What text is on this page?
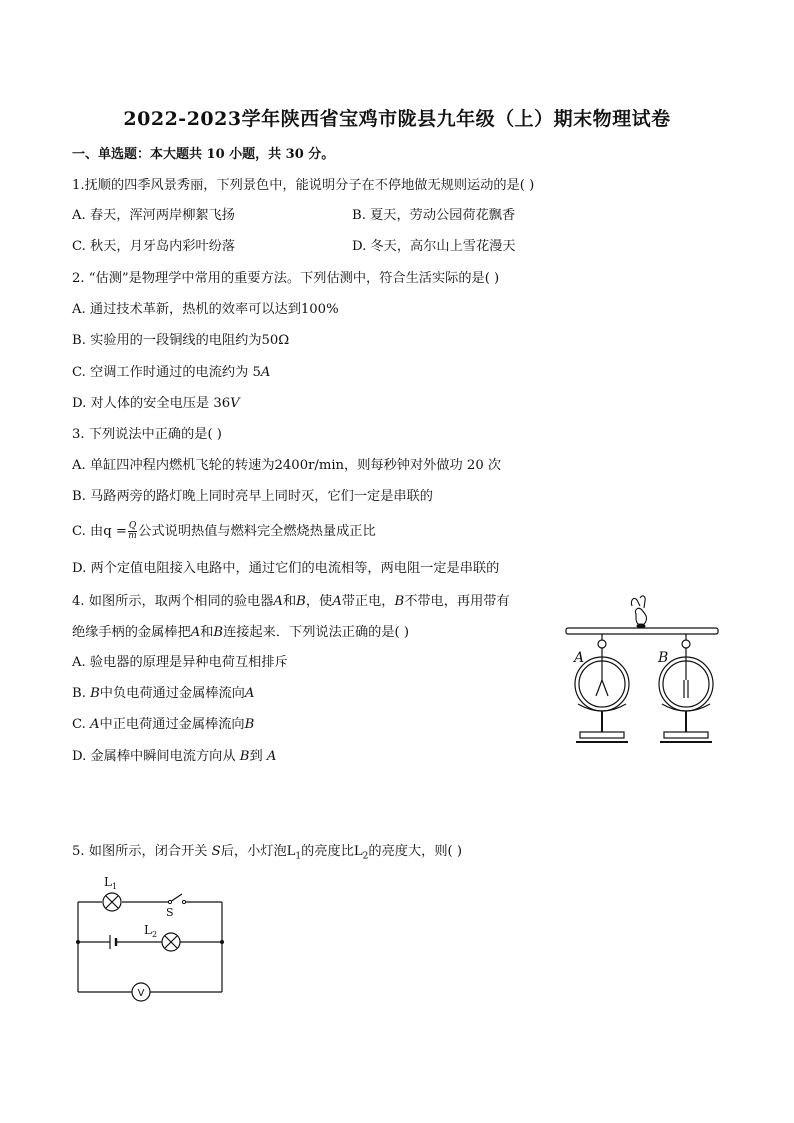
2022-2023学年陕西省宝鸡市陇县九年级（上）期末物理试卷
一、单选题：本大题共 10 小题，共 30 分。
1.抚顺的四季风景秀丽，下列景色中，能说明分子在不停地做无规则运动的是( )
A. 春天，浑河两岸柳絮飞扬	B. 夏天，劳动公园荷花飘香
C. 秋天，月牙岛内彩叶纷落	D. 冬天，高尔山上雪花漫天
2. “估测”是物理学中常用的重要方法。下列估测中，符合生活实际的是( )
A. 通过技术革新，热机的效率可以达到100%
B. 实验用的一段铜线的电阻约为50Ω
C. 空调工作时通过的电流约为 5A
D. 对人体的安全电压是 36V
3. 下列说法中正确的是( )
A. 单缸四冲程内燃机飞轮的转速为2400r/min，则每秒钟对外做功 20 次
B. 马路两旁的路灯晚上同时亮早上同时灭，它们一定是串联的
C. 由$q = \frac{Q}{m}$ 公式说明热值与燃料完全燃烧热量成正比
D. 两个定值电阻接入电路中，通过它们的电流相等，两电阻一定是串联的
4. 如图所示，取两个相同的验电器A和B，使A带正电，B不带电，再用带有
绝缘手柄的金属棒把A和B连接起来．下列说法正确的是( )
A. 验电器的原理是异种电荷互相排斥
B. B中负电荷通过金属棒流向A
C. A中正电荷通过金属棒流向B
D. 金属棒中瞬间电流方向从 B到 A
A	B
5. 如图所示，闭合开关 S后，小灯泡$L_1$的亮度比$L_2$的亮度大，则( )
V
$L_1$
$L_2$
S
